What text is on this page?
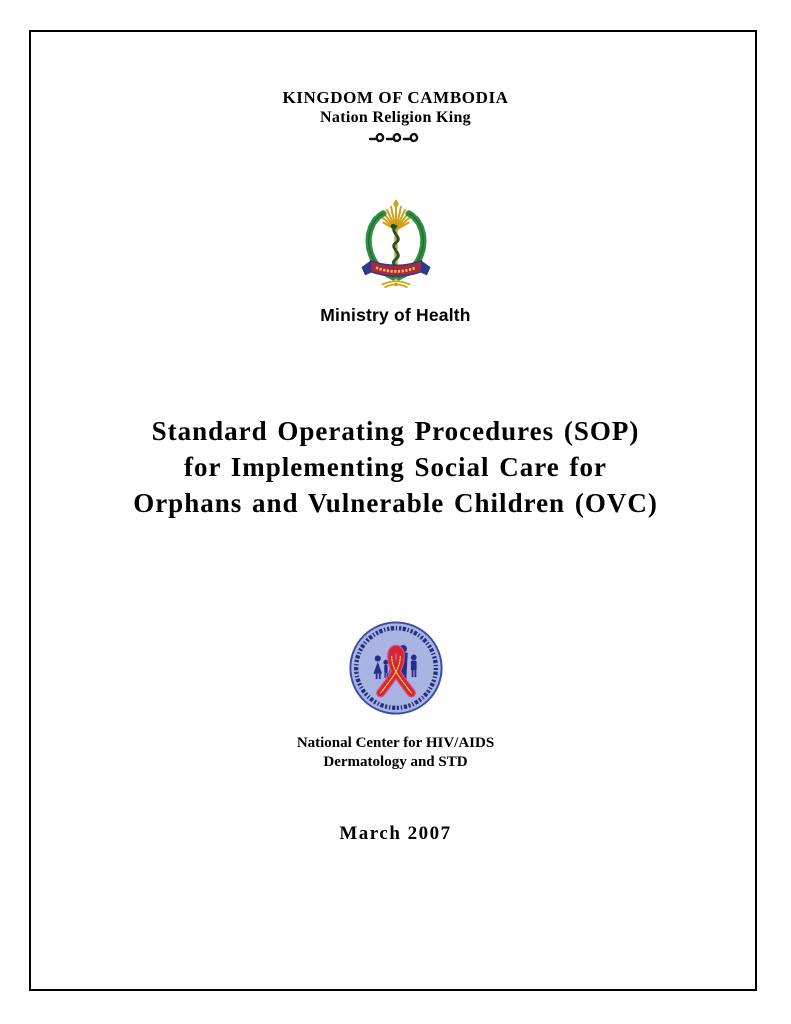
KINGDOM OF CAMBODIA
Nation Religion King
Ministry of Health
Standard Operating Procedures (SOP)
for Implementing Social Care for
Orphans and Vulnerable Children (OVC)
National Center for HIV/AIDS
Dermatology and STD
March 2007
